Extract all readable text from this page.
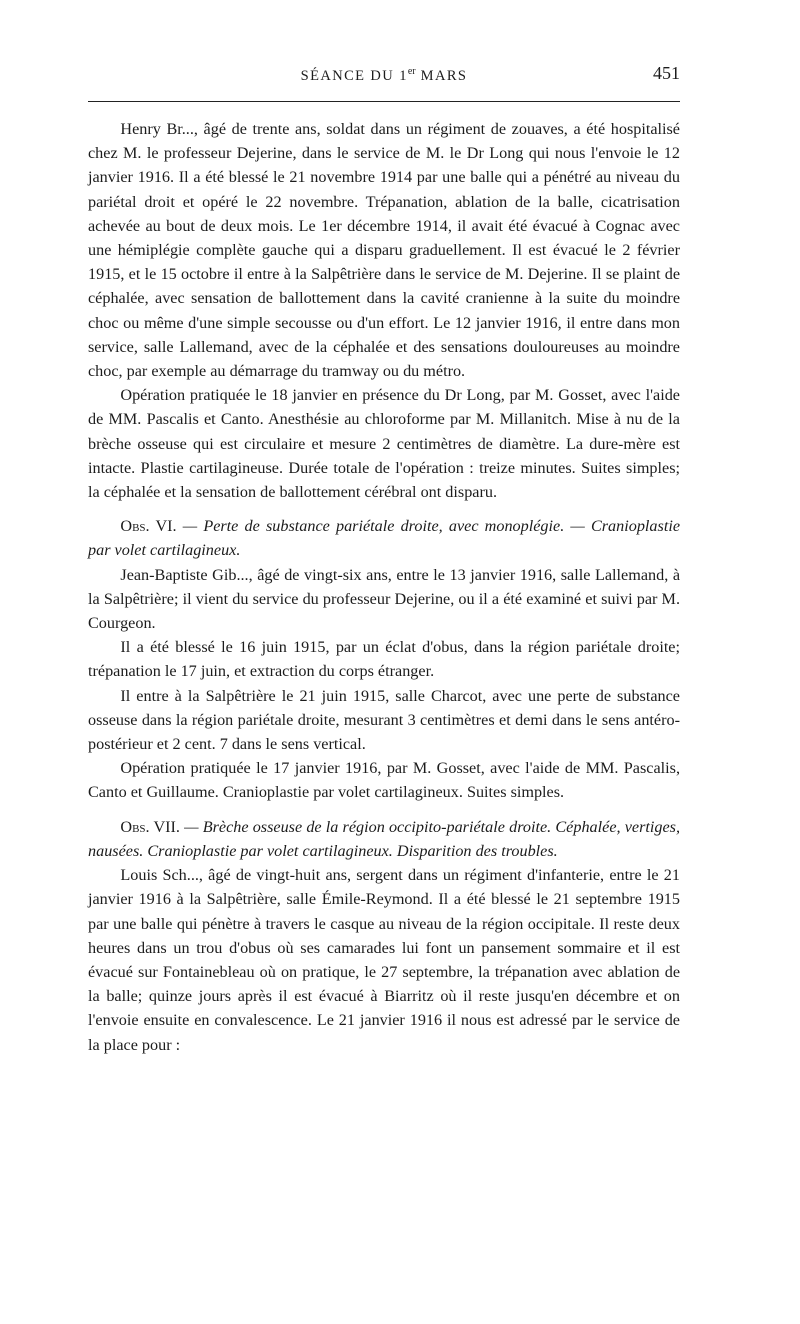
SÉANCE DU 1er MARS	451

Henry Br..., âgé de trente ans, soldat dans un régiment de zouaves, a été hospitalisé chez M. le professeur Dejerine, dans le service de M. le Dr Long qui nous l'envoie le 12 janvier 1916. Il a été blessé le 21 novembre 1914 par une balle qui a pénétré au niveau du pariétal droit et opéré le 22 novembre. Trépanation, ablation de la balle, cicatrisation achevée au bout de deux mois. Le 1er décembre 1914, il avait été évacué à Cognac avec une hémiplégie complète gauche qui a disparu graduellement. Il est évacué le 2 février 1915, et le 15 octobre il entre à la Salpêtrière dans le service de M. Dejerine. Il se plaint de céphalée, avec sensation de ballottement dans la cavité cranienne à la suite du moindre choc ou même d'une simple secousse ou d'un effort. Le 12 janvier 1916, il entre dans mon service, salle Lallemand, avec de la céphalée et des sensations douloureuses au moindre choc, par exemple au démarrage du tramway ou du métro.

Opération pratiquée le 18 janvier en présence du Dr Long, par M. Gosset, avec l'aide de MM. Pascalis et Canto. Anesthésie au chloroforme par M. Millanitch. Mise à nu de la brèche osseuse qui est circulaire et mesure 2 centimètres de diamètre. La dure-mère est intacte. Plastie cartilagineuse. Durée totale de l'opération : treize minutes. Suites simples; la céphalée et la sensation de ballottement cérébral ont disparu.

Obs. VI. — Perte de substance pariétale droite, avec monoplégie. — Cranioplastie par volet cartilagineux.

Jean-Baptiste Gib..., âgé de vingt-six ans, entre le 13 janvier 1916, salle Lallemand, à la Salpêtrière; il vient du service du professeur Dejerine, ou il a été examiné et suivi par M. Courgeon.

Il a été blessé le 16 juin 1915, par un éclat d'obus, dans la région pariétale droite; trépanation le 17 juin, et extraction du corps étranger.

Il entre à la Salpêtrière le 21 juin 1915, salle Charcot, avec une perte de substance osseuse dans la région pariétale droite, mesurant 3 centimètres et demi dans le sens antéro-postérieur et 2 cent. 7 dans le sens vertical.

Opération pratiquée le 17 janvier 1916, par M. Gosset, avec l'aide de MM. Pascalis, Canto et Guillaume. Cranioplastie par volet cartilagineux. Suites simples.

Obs. VII. — Brèche osseuse de la région occipito-pariétale droite. Céphalée, vertiges, nausées. Cranioplastie par volet cartilagineux. Disparition des troubles.

Louis Sch..., âgé de vingt-huit ans, sergent dans un régiment d'infanterie, entre le 21 janvier 1916 à la Salpêtrière, salle Émile-Reymond. Il a été blessé le 21 septembre 1915 par une balle qui pénètre à travers le casque au niveau de la région occipitale. Il reste deux heures dans un trou d'obus où ses camarades lui font un pansement sommaire et il est évacué sur Fontainebleau où on pratique, le 27 septembre, la trépanation avec ablation de la balle; quinze jours après il est évacué à Biarritz où il reste jusqu'en décembre et on l'envoie ensuite en convalescence. Le 21 janvier 1916 il nous est adressé par le service de la place pour :
